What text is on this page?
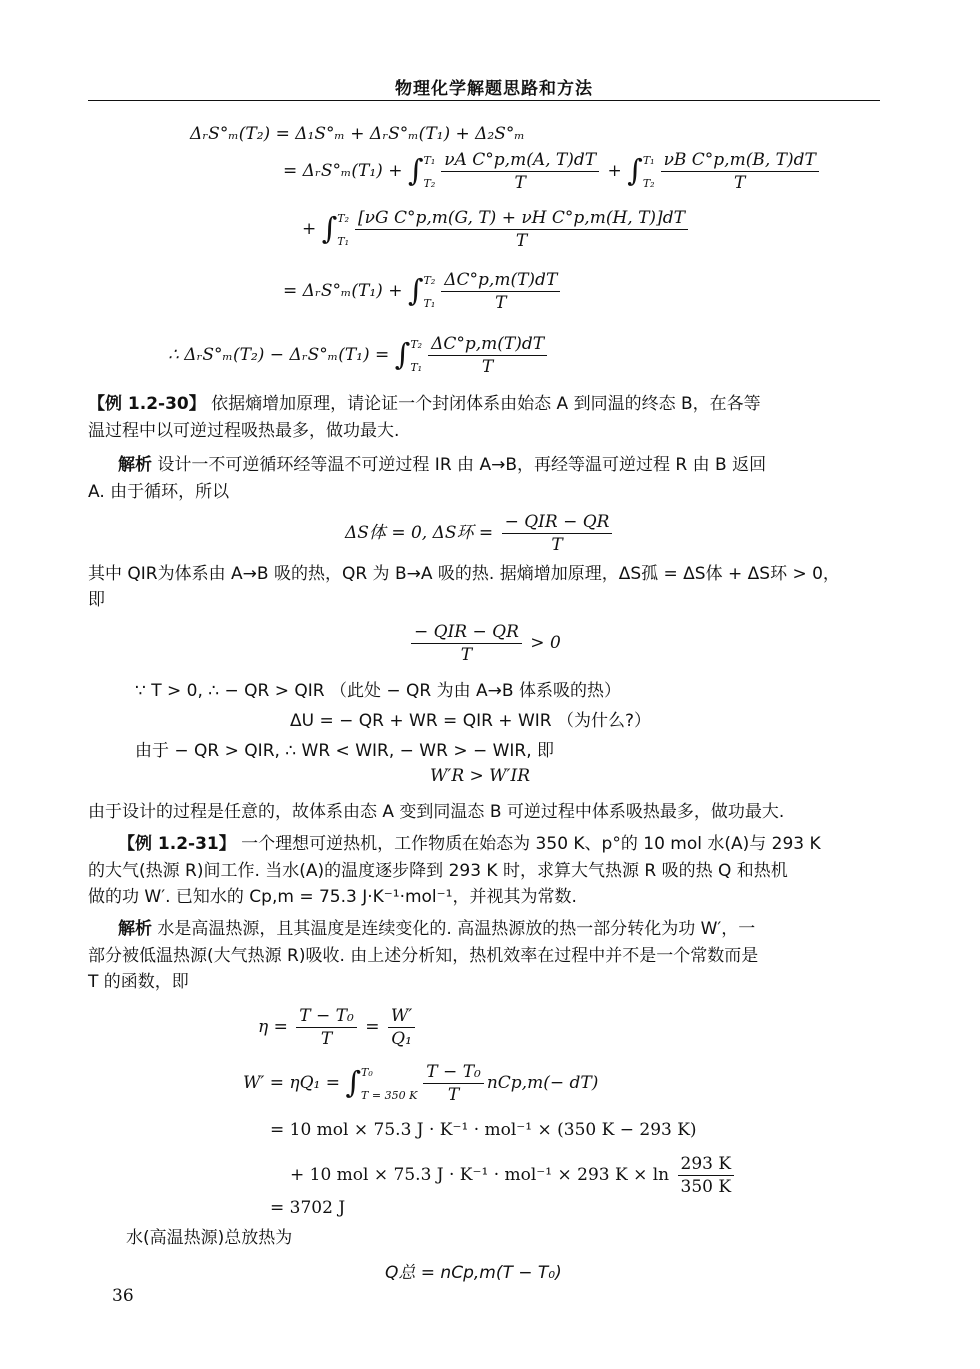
物理化学解题思路和方法
ΔᵣS°ₘ(T₂) = Δ₁S°ₘ + ΔᵣS°ₘ(T₁) + Δ₂S°ₘ
= ΔᵣS°ₘ(T₁) + ∫ T₁
$T_2 \frac{\text{νA C°p,m(A, T)dT}}{T}$ + ∫ T₁
$T_2 \frac{\text{νB C°p,m(B, T)dT}}{T}$
+ ∫ T₂
$T_1 \frac{\text{[νG C°p,m(G, T) + νH C°p,m(H, T)]dT}}{T}$
= ΔᵣS°ₘ(T₁) + ∫ T₂
$T_1 \frac{\Delta C^\circ p,m(T)dT}{T}$
∴ ΔᵣS°ₘ(T₂) − ΔᵣS°ₘ(T₁) = ∫ T₂
$T_1 \frac{\Delta C^\circ p,m(T)dT}{T}$
【例 1.2-30】 依据熵增加原理，请论证一个封闭体系由始态 A 到同温的终态 B，在各等
温过程中以可逆过程吸热最多，做功最大.
解析 设计一不可逆循环经等温不可逆过程 IR 由 A→B，再经等温可逆过程 R 由 B 返回
A. 由于循环，所以
ΔS体 = 0, ΔS环 = $\frac{\text{− QIR − QR}}{T}$
其中 QIR为体系由 A→B 吸的热，QR 为 B→A 吸的热. 据熵增加原理，ΔS孤 = ΔS体 + ΔS环 > 0，
即
$\frac{\text{− QIR − QR}}{T} > 0$
∵ T > 0, ∴ − QR > QIR （此处 − QR 为由 A→B 体系吸的热）
ΔU = − QR + WR = QIR + WIR （为什么?）
由于 − QR > QIR, ∴ WR < WIR, − WR > − WIR, 即
W′R > W′IR
由于设计的过程是任意的，故体系由态 A 变到同温态 B 可逆过程中体系吸热最多，做功最大.
【例 1.2-31】 一个理想可逆热机，工作物质在始态为 350 K、p°的 10 mol 水(A)与 293 K
的大气(热源 R)间工作. 当水(A)的温度逐步降到 293 K 时，求算大气热源 R 吸的热 Q 和热机
做的功 W′. 已知水的 Cp,m = 75.3 J·K⁻¹·mol⁻¹，并视其为常数.
解析 水是高温热源，且其温度是连续变化的. 高温热源放的热一部分转化为功 W′，一
部分被低温热源(大气热源 R)吸收. 由上述分析知，热机效率在过程中并不是一个常数而是
T 的函数，即
$\eta = \frac{\text{T − T₀}}{T} = \frac{W'}{\text{Q₁}}$
W′ = ηQ₁ = ∫ T₀
T = 350 K $\frac{\text{T − T₀}}{T} nCp,m(- dT)$
= 10 mol × 75.3 J · K⁻¹ · mol⁻¹ × (350 K − 293 K)
+ 10 mol × 75.3 J · K⁻¹ · mol⁻¹ × 293 $K \times \ln \frac{293 K}{350 K}$
= 3702 J
水(高温热源)总放热为
Q总 = nCp,m(T − T₀)
36
